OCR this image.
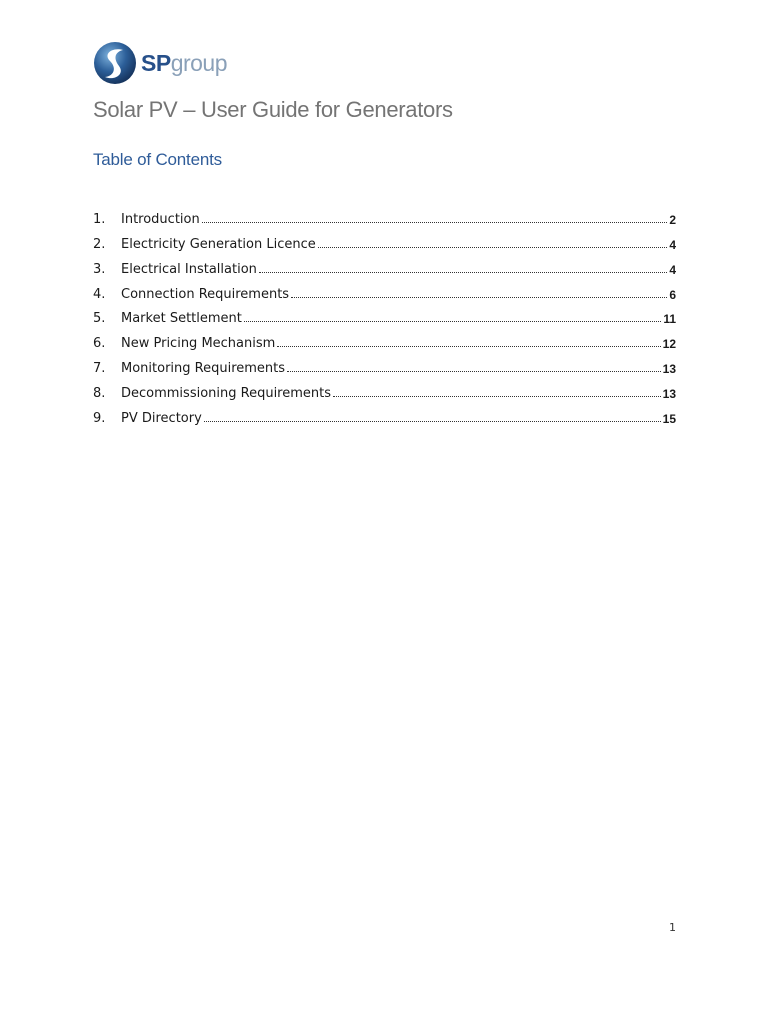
SPgroup
Solar PV – User Guide for Generators
Table of Contents
1.	Introduction	2
2.	Electricity Generation Licence	4
3.	Electrical Installation	4
4.	Connection Requirements	6
5.	Market Settlement	11
6.	New Pricing Mechanism	12
7.	Monitoring Requirements	13
8.	Decommissioning Requirements	13
9.	PV Directory	15
1
